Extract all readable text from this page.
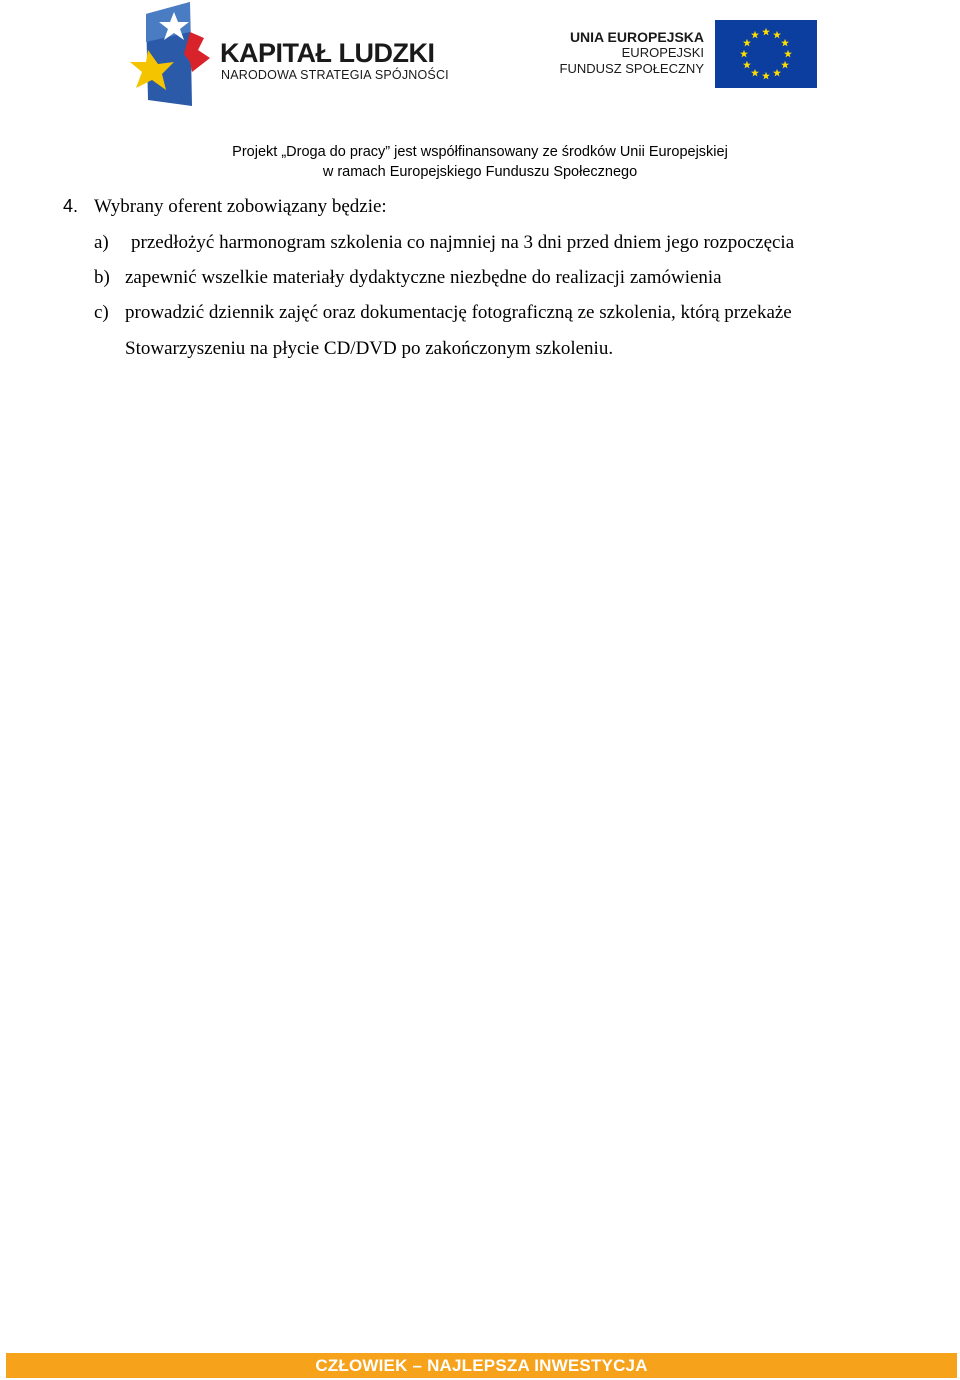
KAPITAŁ LUDZKI
NARODOWA STRATEGIA SPÓJNOŚCI
UNIA EUROPEJSKA
EUROPEJSKI
FUNDUSZ SPOŁECZNY
Projekt „Droga do pracy” jest współfinansowany ze środków Unii Europejskiej
w ramach Europejskiego Funduszu Społecznego
4. Wybrany oferent zobowiązany będzie:
a) przedłożyć harmonogram szkolenia co najmniej na 3 dni przed dniem jego rozpoczęcia
b) zapewnić wszelkie materiały dydaktyczne niezbędne do realizacji zamówienia
c) prowadzić dziennik zajęć oraz dokumentację fotograficzną ze szkolenia, którą przekaże
Stowarzyszeniu na płycie CD/DVD po zakończonym szkoleniu.
CZŁOWIEK – NAJLEPSZA INWESTYCJA
